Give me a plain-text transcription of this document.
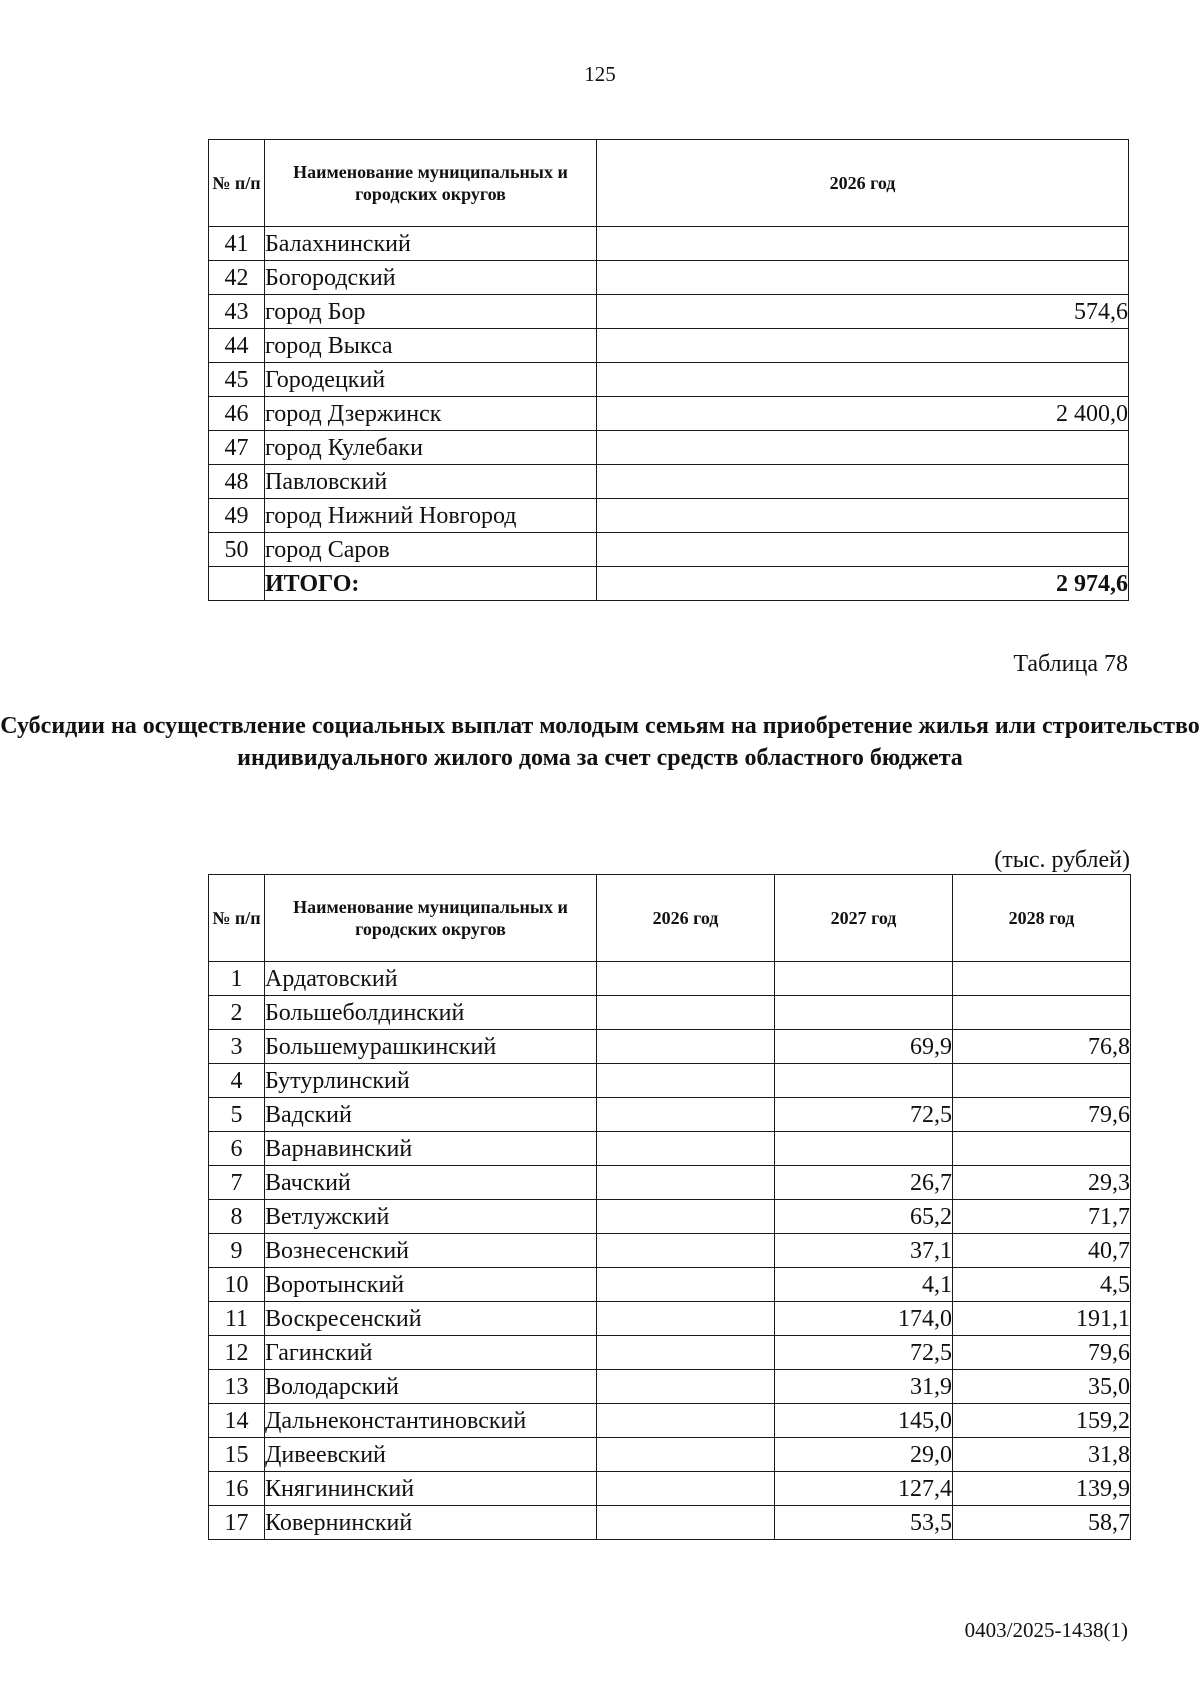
125
№ п/п	Наименование муниципальных и городских округов	2026 год
41	Балахнинский	
42	Богородский	
43	город Бор	574,6
44	город Выкса	
45	Городецкий	
46	город Дзержинск	2 400,0
47	город Кулебаки	
48	Павловский	
49	город Нижний Новгород	
50	город Саров	
	ИТОГО:	2 974,6
Таблица 78
Субсидии на осуществление социальных выплат молодым семьям на приобретение жилья или строительство индивидуального жилого дома за счет средств областного бюджета
(тыс. рублей)
№ п/п	Наименование муниципальных и городских округов	2026 год	2027 год	2028 год
1	Ардатовский			
2	Большеболдинский			
3	Большемурашкинский		69,9	76,8
4	Бутурлинский			
5	Вадский		72,5	79,6
6	Варнавинский			
7	Вачский		26,7	29,3
8	Ветлужский		65,2	71,7
9	Вознесенский		37,1	40,7
10	Воротынский		4,1	4,5
11	Воскресенский		174,0	191,1
12	Гагинский		72,5	79,6
13	Володарский		31,9	35,0
14	Дальнеконстантиновский		145,0	159,2
15	Дивеевский		29,0	31,8
16	Княгининский		127,4	139,9
17	Ковернинский		53,5	58,7
0403/2025-1438(1)
